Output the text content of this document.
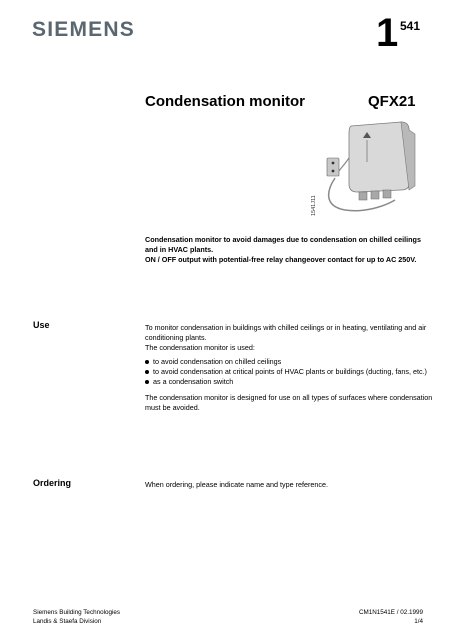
SIEMENS	1 541
Condensation monitor	QFX21
1541J11

Condensation monitor to avoid damages due to condensation on chilled ceilings and in HVAC plants.

ON / OFF output with potential-free relay changeover contact for up to AC 250V.

Use	To monitor condensation in buildings with chilled ceilings or in heating, ventilating and air conditioning plants.

The condensation monitor is used:

to avoid condensation on chilled ceilings
to avoid condensation at critical points of HVAC plants or buildings (ducting, fans, etc.)
as a condensation switch

The condensation monitor is designed for use on all types of surfaces where condensation must be avoided.

Ordering	When ordering, please indicate name and type reference.
Siemens Building Technologies
Landis & Staefa Division
CM1N1541E / 02.1999
1/4
